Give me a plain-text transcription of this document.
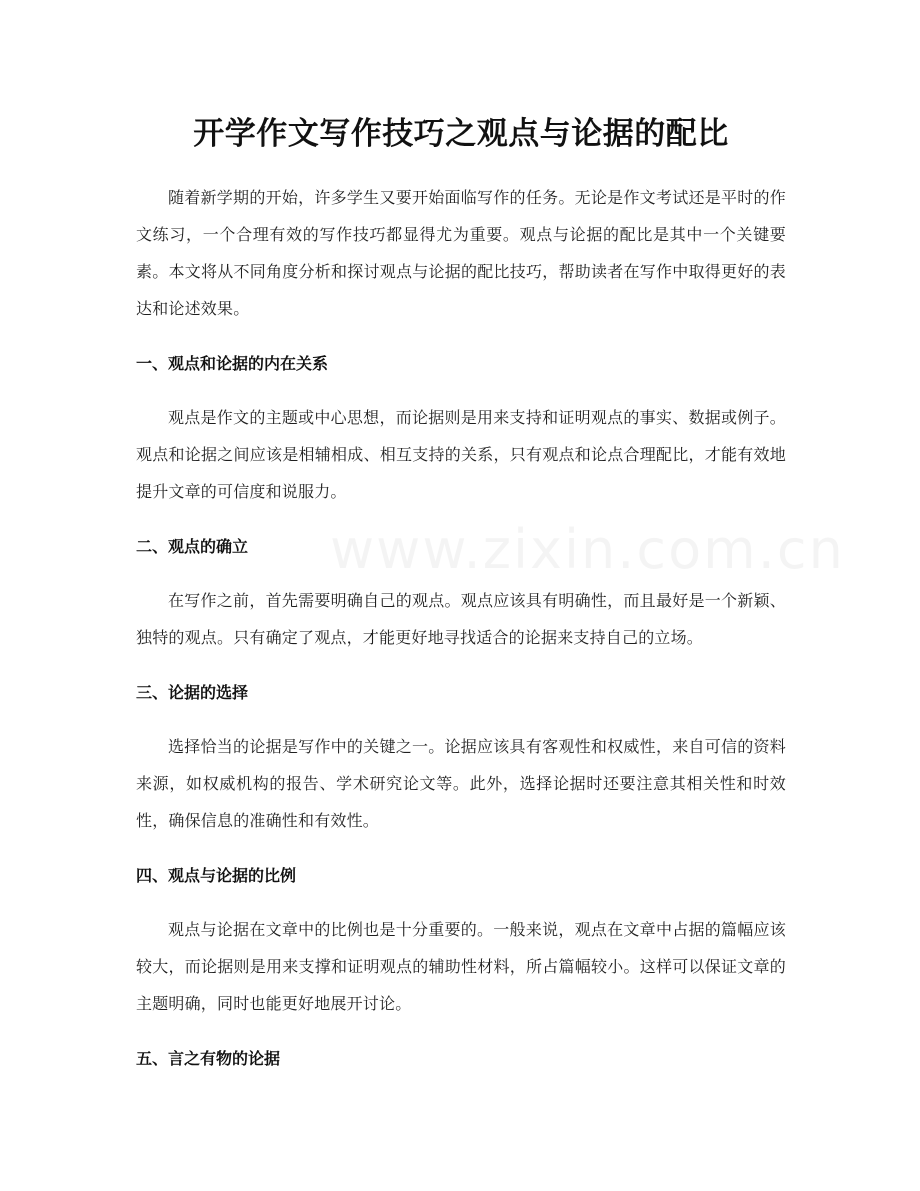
开学作文写作技巧之观点与论据的配比

随着新学期的开始，许多学生又要开始面临写作的任务。无论是作文考试还是平时的作文练习，一个合理有效的写作技巧都显得尤为重要。观点与论据的配比是其中一个关键要素。本文将从不同角度分析和探讨观点与论据的配比技巧，帮助读者在写作中取得更好的表达和论述效果。

一、观点和论据的内在关系

观点是作文的主题或中心思想，而论据则是用来支持和证明观点的事实、数据或例子。观点和论据之间应该是相辅相成、相互支持的关系，只有观点和论点合理配比，才能有效地提升文章的可信度和说服力。

二、观点的确立

在写作之前，首先需要明确自己的观点。观点应该具有明确性，而且最好是一个新颖、独特的观点。只有确定了观点，才能更好地寻找适合的论据来支持自己的立场。

三、论据的选择

选择恰当的论据是写作中的关键之一。论据应该具有客观性和权威性，来自可信的资料来源，如权威机构的报告、学术研究论文等。此外，选择论据时还要注意其相关性和时效性，确保信息的准确性和有效性。

四、观点与论据的比例

观点与论据在文章中的比例也是十分重要的。一般来说，观点在文章中占据的篇幅应该较大，而论据则是用来支撑和证明观点的辅助性材料，所占篇幅较小。这样可以保证文章的主题明确，同时也能更好地展开讨论。

五、言之有物的论据
